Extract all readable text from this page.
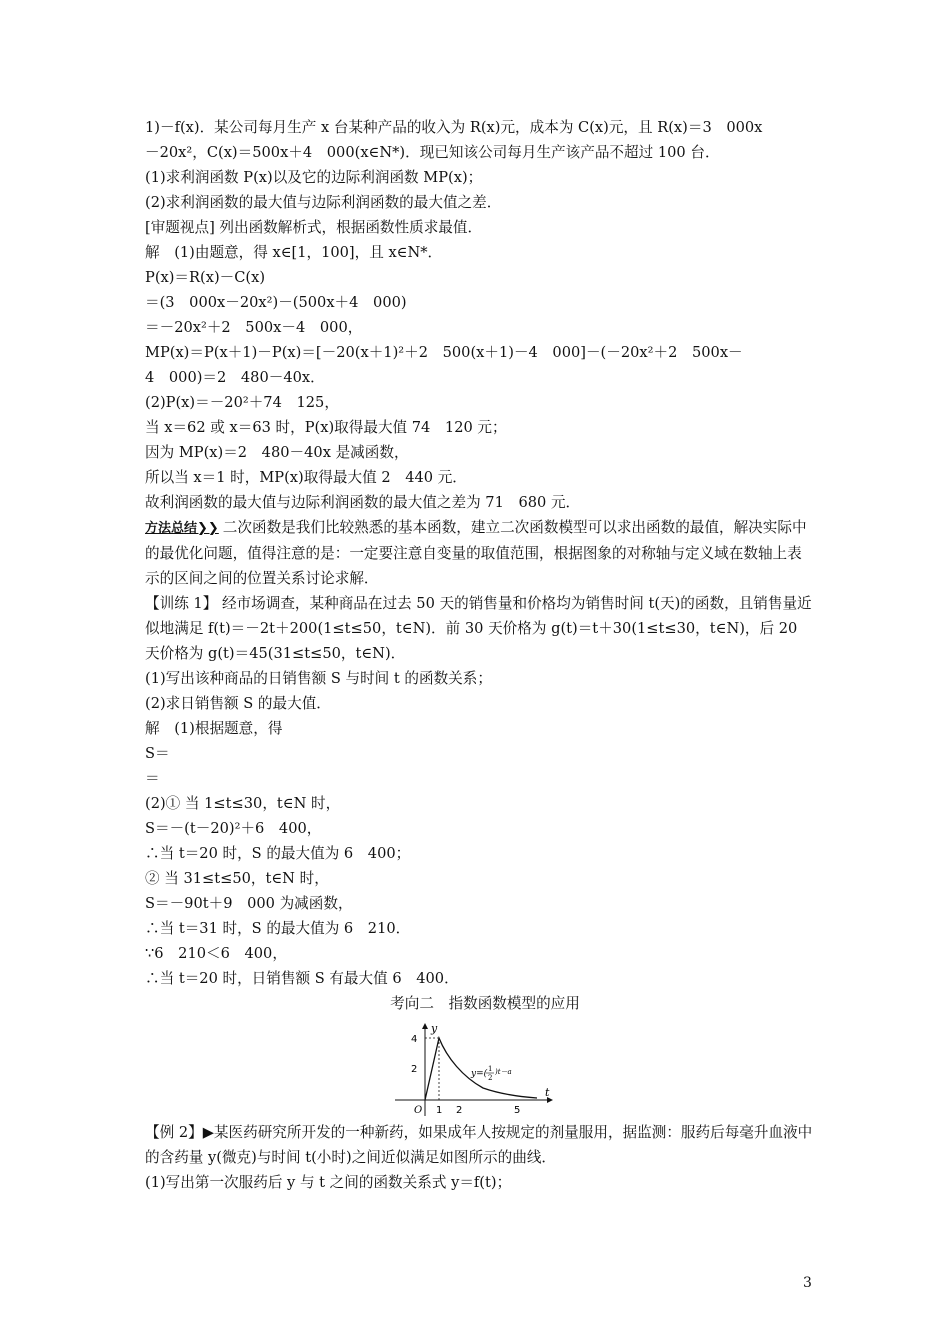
1)－f(x)．某公司每月生产 x 台某种产品的收入为 R(x)元，成本为 C(x)元，且 R(x)＝3　000x
－20x²，C(x)＝500x＋4　000(x∈N*)．现已知该公司每月生产该产品不超过 100 台．
(1)求利润函数 P(x)以及它的边际利润函数 MP(x)；
(2)求利润函数的最大值与边际利润函数的最大值之差．
[审题视点] 列出函数解析式，根据函数性质求最值．
解　(1)由题意，得 x∈[1，100]，且 x∈N*．
P(x)＝R(x)－C(x)
＝(3　000x－20x²)－(500x＋4　000)
＝－20x²＋2　500x－4　000，
MP(x)＝P(x＋1)－P(x)＝[－20(x＋1)²＋2　500(x＋1)－4　000]－(－20x²＋2　500x－
4　000)＝2　480－40x．
(2)P(x)＝－20²＋74　125，
当 x＝62 或 x＝63 时，P(x)取得最大值 74　120 元；
因为 MP(x)＝2　480－40x 是减函数，
所以当 x＝1 时，MP(x)取得最大值 2　440 元．
故利润函数的最大值与边际利润函数的最大值之差为 71　680 元．
方法总结❯❯ 二次函数是我们比较熟悉的基本函数，建立二次函数模型可以求出函数的最值，解决实际中的最优化问题，值得注意的是：一定要注意自变量的取值范围，根据图象的对称轴与定义域在数轴上表示的区间之间的位置关系讨论求解．
【训练 1】 经市场调查，某种商品在过去 50 天的销售量和价格均为销售时间 t(天)的函数，且销售量近似地满足 f(t)＝－2t＋200(1≤t≤50，t∈N)．前 30 天价格为 g(t)＝t＋30(1≤t≤30，t∈N)，后 20 天价格为 g(t)＝45(31≤t≤50，t∈N)．
(1)写出该种商品的日销售额 S 与时间 t 的函数关系；
(2)求日销售额 S 的最大值．
解　(1)根据题意，得
S＝
＝
(2)① 当 1≤t≤30，t∈N 时，
S＝－(t－20)²＋6　400，
∴当 t＝20 时，S 的最大值为 6　400；
② 当 31≤t≤50，t∈N 时，
S＝－90t＋9　000 为减函数，
∴当 t＝31 时，S 的最大值为 6　210．
∵6　210＜6　400，
∴当 t＝20 时，日销售额 S 有最大值 6　400．
考向二　指数函数模型的应用
y
t
O
4
2
1 2	5
y=( 1
2
)t－a
【例 2】▶某医药研究所开发的一种新药，如果成年人按规定的剂量服用，据监测：服药后每毫升血液中的含药量 y(微克)与时间 t(小时)之间近似满足如图所示的曲线．
(1)写出第一次服药后 y 与 t 之间的函数关系式 y＝f(t)；
3
